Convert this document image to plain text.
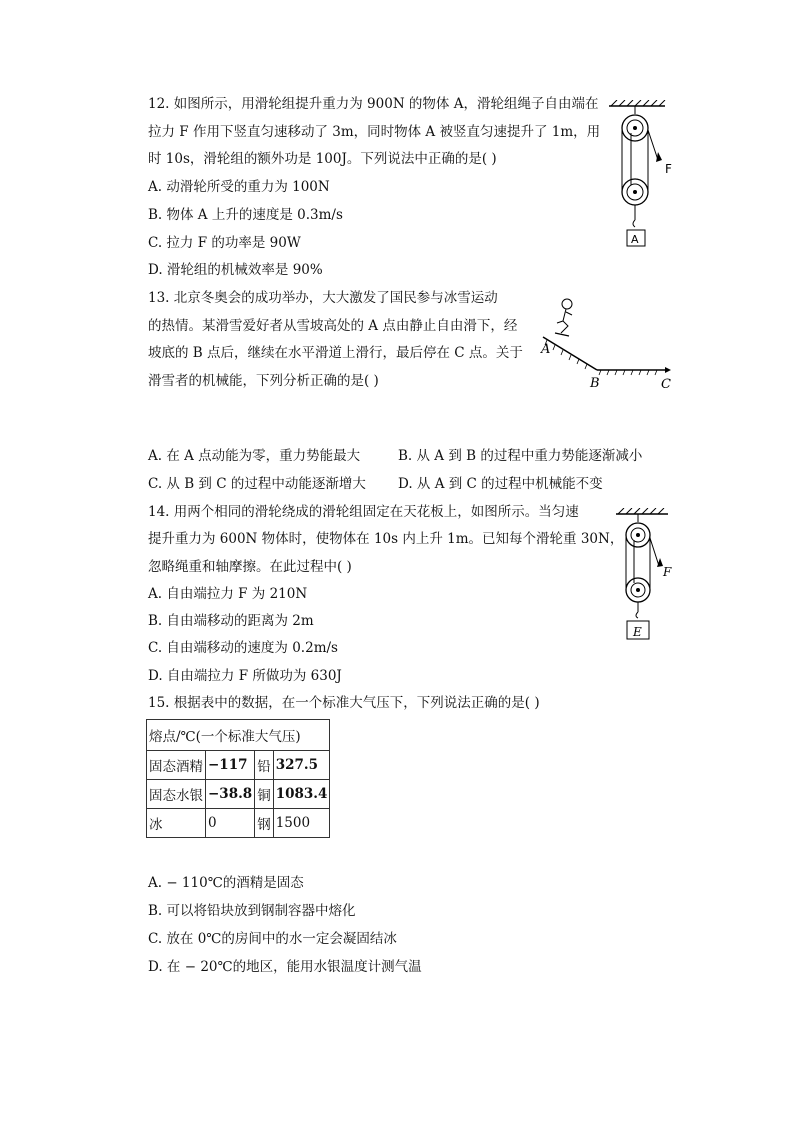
12. 如图所示，用滑轮组提升重力为 900N 的物体 A，滑轮组绳子自由端在
拉力 F 作用下竖直匀速移动了 3m，同时物体 A 被竖直匀速提升了 1m，用
时 10s，滑轮组的额外功是 100J。下列说法中正确的是( )
A. 动滑轮所受的重力为 100N
B. 物体 A 上升的速度是 0.3m/s
C. 拉力 F 的功率是 90W
D. 滑轮组的机械效率是 90%
F
A
13. 北京冬奥会的成功举办，大大激发了国民参与冰雪运动
的热情。某滑雪爱好者从雪坡高处的 A 点由静止自由滑下，经
坡底的 B 点后，继续在水平滑道上滑行，最后停在 C 点。关于
滑雪者的机械能，下列分析正确的是( )
A
B	C
A. 在 A 点动能为零，重力势能最大	B. 从 A 到 B 的过程中重力势能逐渐减小
C. 从 B 到 C 的过程中动能逐渐增大 D. 从 A 到 C 的过程中机械能不变
14. 用两个相同的滑轮绕成的滑轮组固定在天花板上，如图所示。当匀速
提升重力为 600N 物体时，使物体在 10s 内上升 1m。已知每个滑轮重 30N，
忽略绳重和轴摩擦。在此过程中( )
A. 自由端拉力 F 为 210N
B. 自由端移动的距离为 2m
C. 自由端移动的速度为 0.2m/s
D. 自由端拉力 F 所做功为 630J
F
E
15. 根据表中的数据，在一个标准大气压下，下列说法正确的是( )
熔点/℃(一个标准大气压)			
固态酒精	−117	铅	327.5
固态水银	−38.8	铜	1083.4
冰	0	钢	1500
A. − 110℃的酒精是固态
B. 可以将铅块放到钢制容器中熔化
C. 放在 0℃的房间中的水一定会凝固结冰
D. 在 − 20℃的地区，能用水银温度计测气温
